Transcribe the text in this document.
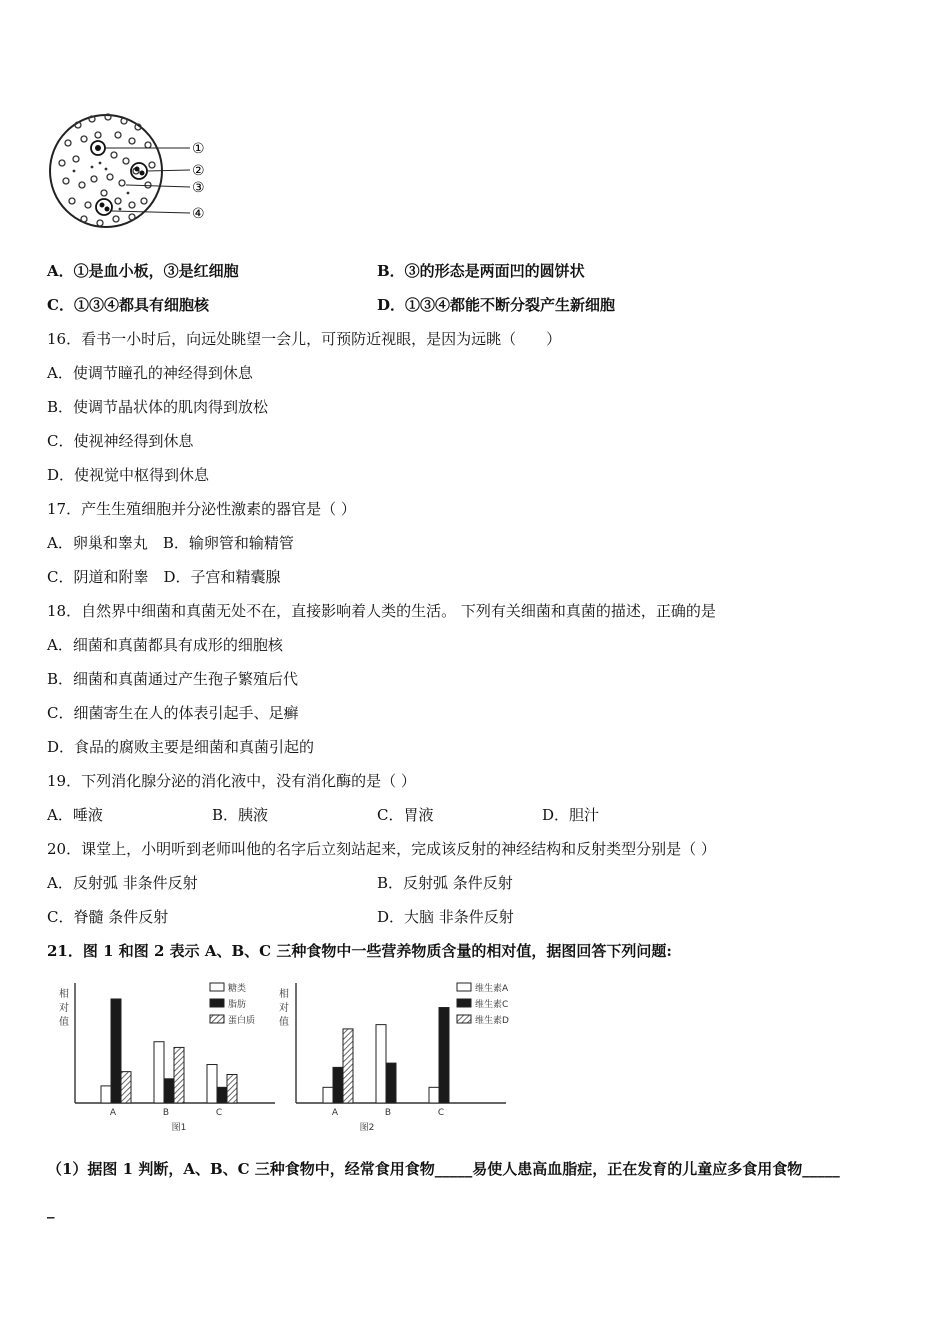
①
②
③
④
A．①是血小板，③是红细胞	B．③的形态是两面凹的圆饼状
C．①③④都具有细胞核	D．①③④都能不断分裂产生新细胞
16．看书一小时后，向远处眺望一会儿，可预防近视眼，是因为远眺（　　）
A．使调节瞳孔的神经得到休息
B．使调节晶状体的肌肉得到放松
C．使视神经得到休息
D．使视觉中枢得到休息
17．产生生殖细胞并分泌性激素的器官是（ ）
A．卵巢和睾丸　B．输卵管和输精管
C．阴道和附睾　D．子宫和精囊腺
18．自然界中细菌和真菌无处不在，直接影响着人类的生活。 下列有关细菌和真菌的描述，正确的是
A．细菌和真菌都具有成形的细胞核
B．细菌和真菌通过产生孢子繁殖后代
C．细菌寄生在人的体表引起手、足癣
D．食品的腐败主要是细菌和真菌引起的
19．下列消化腺分泌的消化液中，没有消化酶的是（ ）
A．唾液	B．胰液	C．胃液	D．胆汁
20．课堂上，小明听到老师叫他的名字后立刻站起来，完成该反射的神经结构和反射类型分别是（ ）
A．反射弧 非条件反射	B．反射弧 条件反射
C．脊髓 条件反射	D．大脑 非条件反射
21．图 1 和图 2 表示 A、B、C 三种食物中一些营养物质含量的相对值，据图回答下列问题:
相
对
值
A	B	C
图1
糖类
脂肪
蛋白质
相
对
值
A	B	C
图2
维生素A
维生素C
维生素D
（1）据图 1 判断，A、B、C 三种食物中，经常食用食物_____易使人患高血脂症，正在发育的儿童应多食用食物_____
_
